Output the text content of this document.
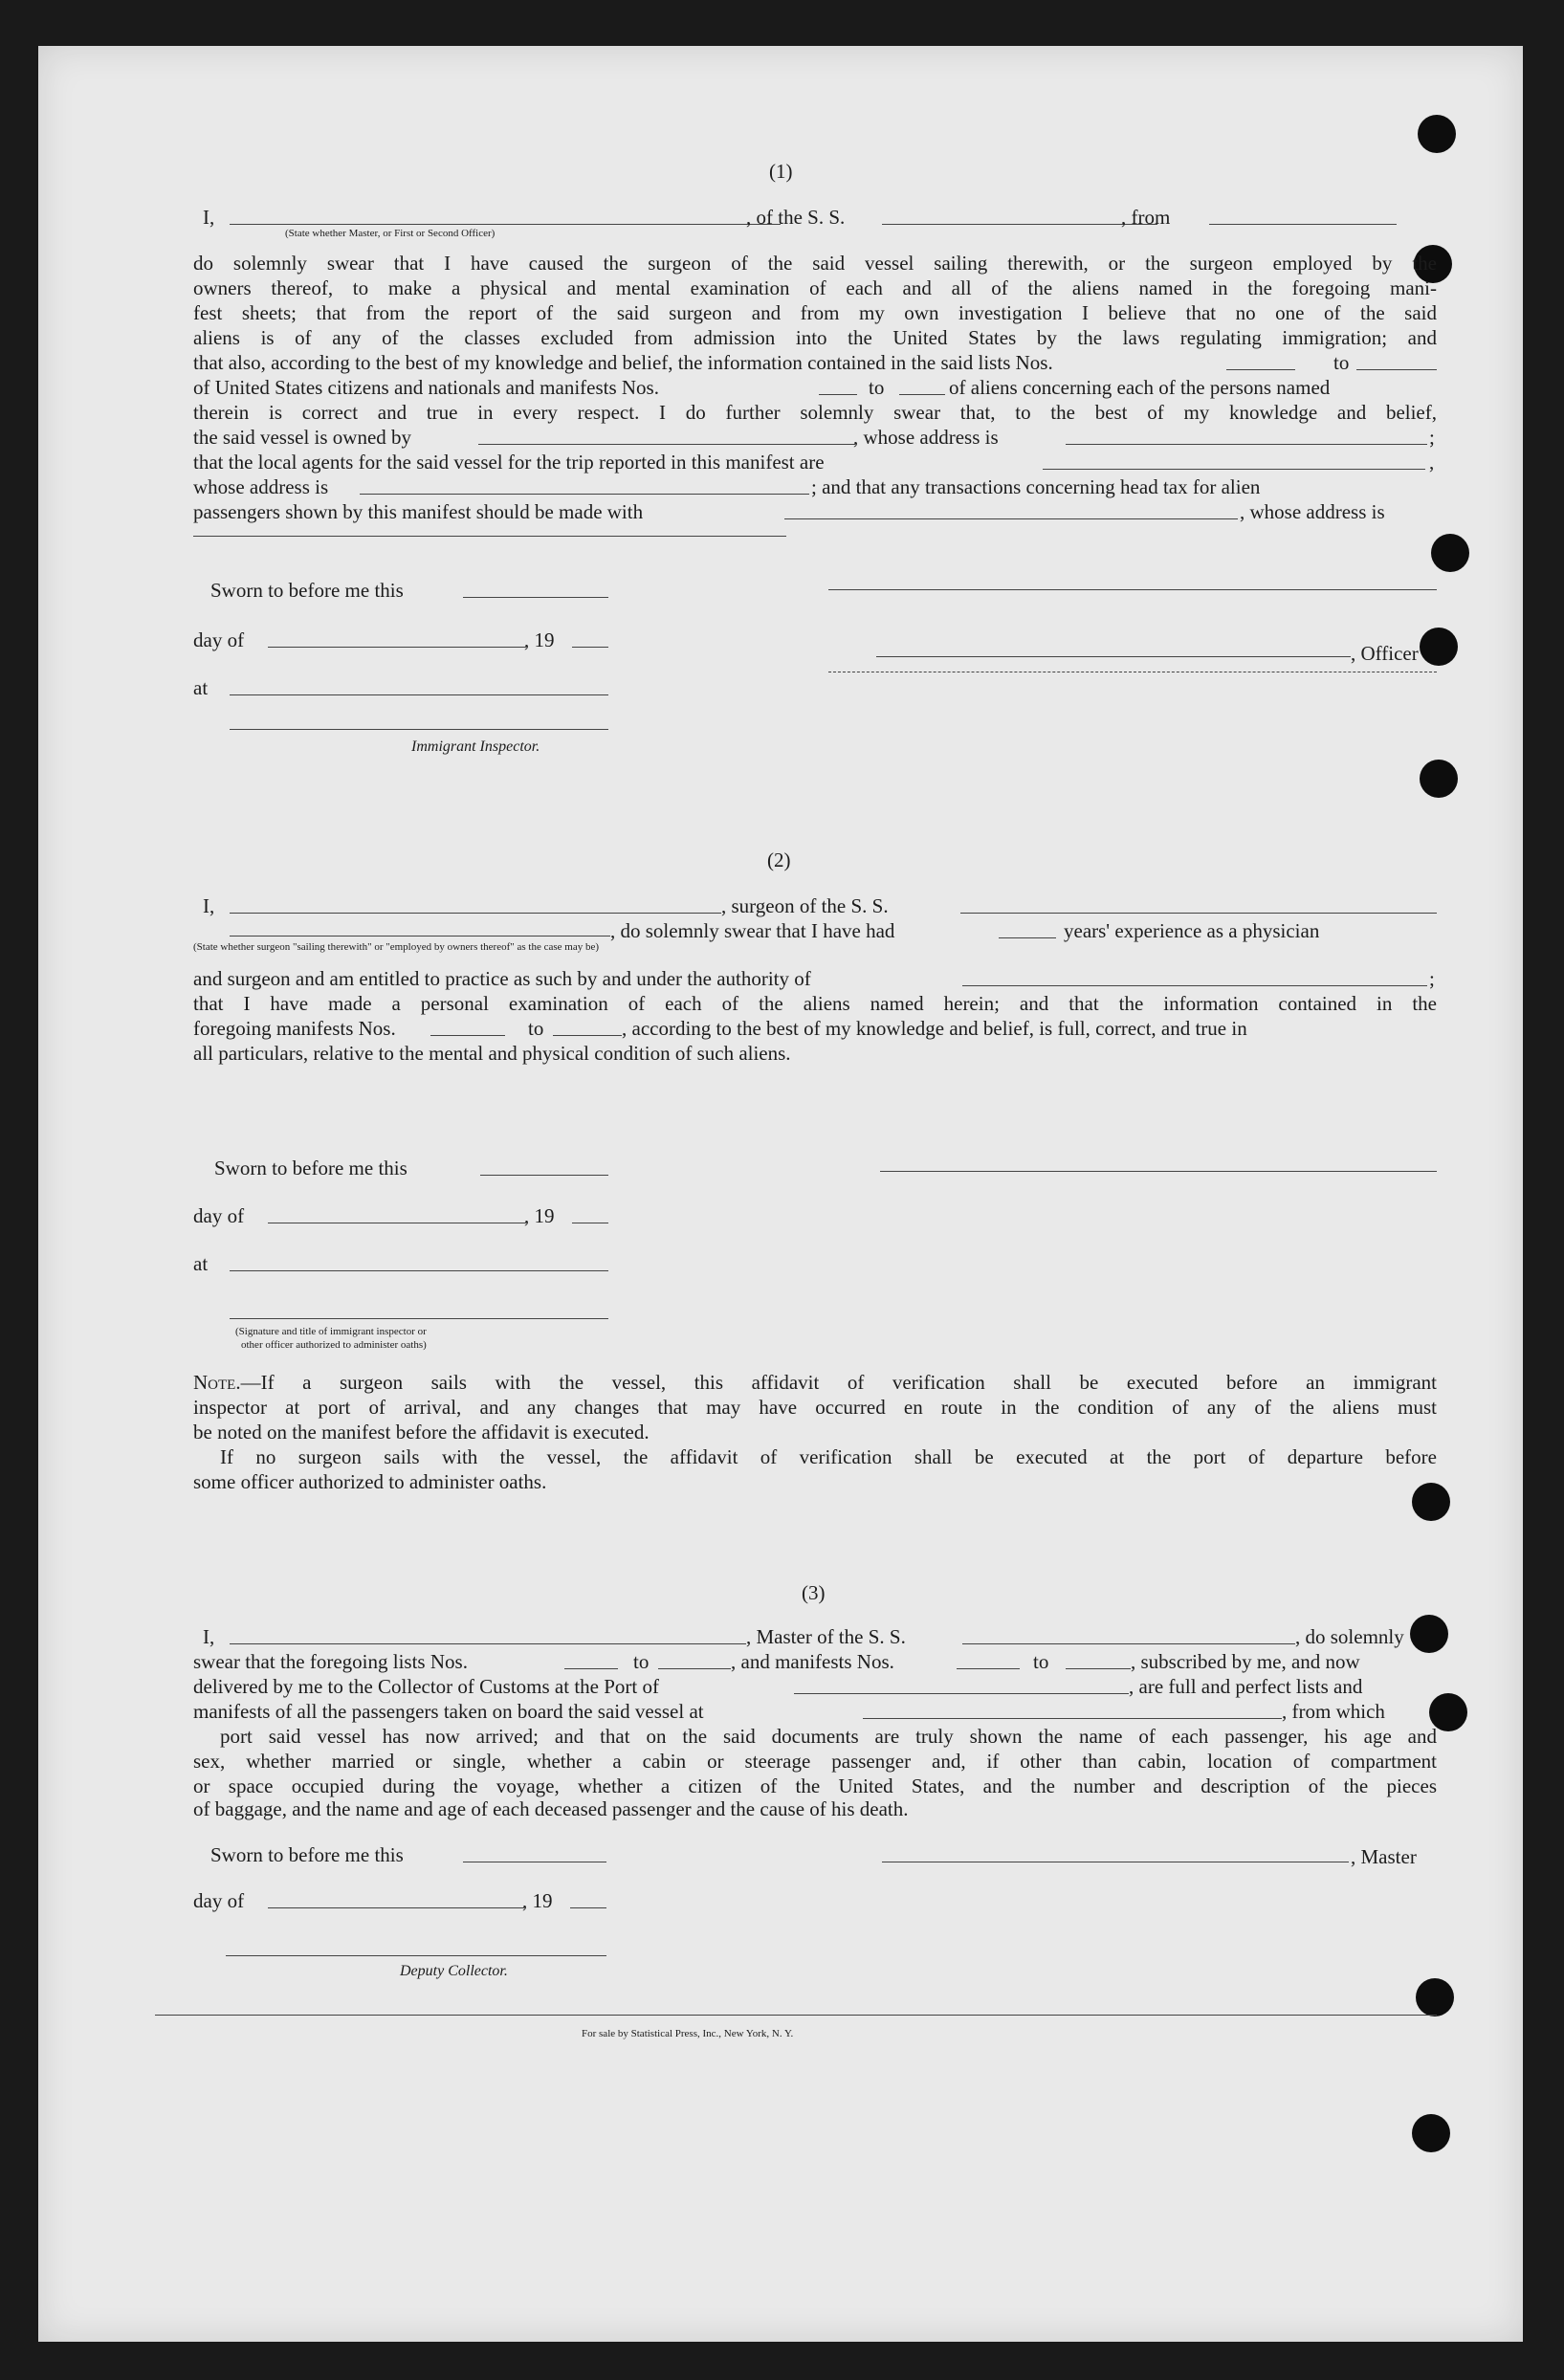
(1)
I,	, of the S. S.	, from
(State whether Master, or First or Second Officer)
do solemnly swear that I have caused the surgeon of the said vessel sailing therewith, or the surgeon employed by the
owners thereof, to make a physical and mental examination of each and all of the aliens named in the foregoing mani-
fest sheets; that from the report of the said surgeon and from my own investigation I believe that no one of the said
aliens is of any of the classes excluded from admission into the United States by the laws regulating immigration; and
that also, according to the best of my knowledge and belief, the information contained in the said lists Nos.	to
of United States citizens and nationals and manifests Nos.	to	of aliens concerning each of the persons named
therein is correct and true in every respect. I do further solemnly swear that, to the best of my knowledge and belief,
the said vessel is owned by	, whose address is	;
that the local agents for the said vessel for the trip reported in this manifest are	,
whose address is	; and that any transactions concerning head tax for alien
passengers shown by this manifest should be made with	, whose address is
Sworn to before me this
day of	, 19
at
Immigrant Inspector.
, Officer
(2)
I,	, surgeon of the S. S.
, do solemnly swear that I have had	years' experience as a physician
(State whether surgeon "sailing therewith" or "employed by owners thereof" as the case may be)
and surgeon and am entitled to practice as such by and under the authority of	;
that I have made a personal examination of each of the aliens named herein; and that the information contained in the
foregoing manifests Nos.	to	, according to the best of my knowledge and belief, is full, correct, and true in
all particulars, relative to the mental and physical condition of such aliens.
Sworn to before me this
day of	, 19
at
(Signature and title of immigrant inspector or
other officer authorized to administer oaths)
Note.—If a surgeon sails with the vessel, this affidavit of verification shall be executed before an immigrant
inspector at port of arrival, and any changes that may have occurred en route in the condition of any of the aliens must
be noted on the manifest before the affidavit is executed.
If no surgeon sails with the vessel, the affidavit of verification shall be executed at the port of departure before
some officer authorized to administer oaths.
(3)
I,	, Master of the S. S.	, do solemnly
swear that the foregoing lists Nos.	to	, and manifests Nos.	to	, subscribed by me, and now
delivered by me to the Collector of Customs at the Port of	, are full and perfect lists and
manifests of all the passengers taken on board the said vessel at	, from which
port said vessel has now arrived; and that on the said documents are truly shown the name of each passenger, his age and
sex, whether married or single, whether a cabin or steerage passenger and, if other than cabin, location of compartment
or space occupied during the voyage, whether a citizen of the United States, and the number and description of the pieces
of baggage, and the name and age of each deceased passenger and the cause of his death.
Sworn to before me this	, Master
day of	, 19
Deputy Collector.
For sale by Statistical Press, Inc., New York, N. Y.
